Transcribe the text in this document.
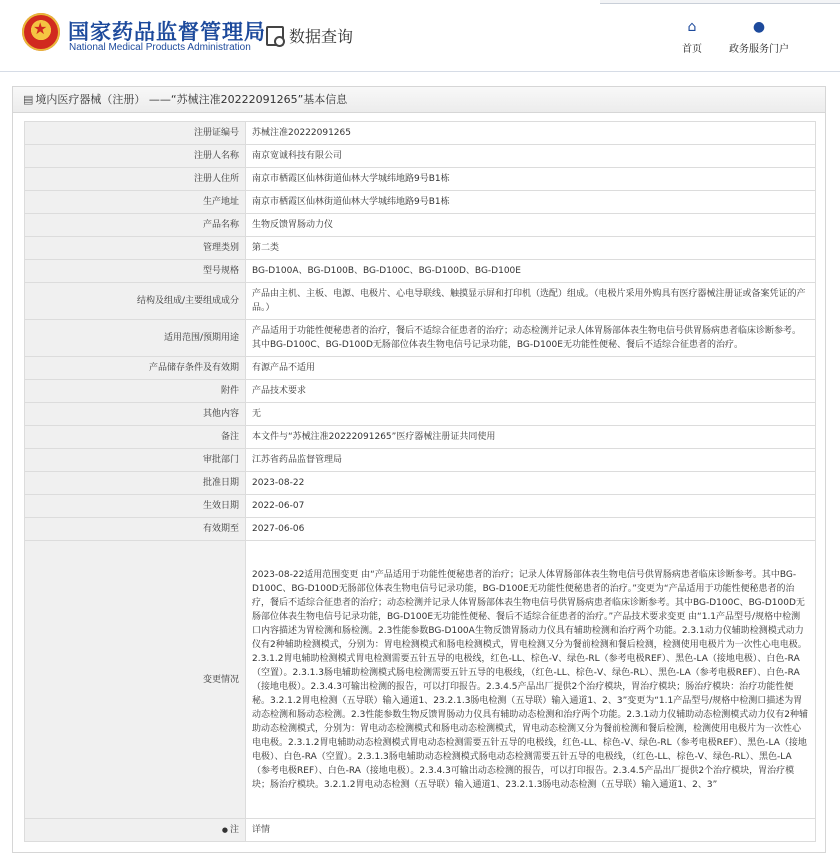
★
国家药品监督管理局
National Medical Products Administration
数据查询	⌂
首页
●
政务服务门户
▤ 境内医疗器械（注册） ——“苏械注准20222091265”基本信息
注册证编号	苏械注准20222091265
注册人名称	南京宽诚科技有限公司
注册人住所	南京市栖霞区仙林街道仙林大学城纬地路9号B1栋
生产地址	南京市栖霞区仙林街道仙林大学城纬地路9号B1栋
产品名称	生物反馈胃肠动力仪
管理类别	第二类
型号规格	BG-D100A、BG-D100B、BG-D100C、BG-D100D、BG-D100E
结构及组成/主要组成成分	产品由主机、主板、电源、电极片、心电导联线、触摸显示屏和打印机（选配）组成。（电极片采用外购具有医疗器械注册证或备案凭证的产品。）
适用范围/预期用途	产品适用于功能性便秘患者的治疗，餐后不适综合征患者的治疗；动态检测并记录人体胃肠部体表生物电信号供胃肠病患者临床诊断参考。其中BG-D100C、BG-D100D无肠部位体表生物电信号记录功能，BG-D100E无功能性便秘、餐后不适综合征患者的治疗。
产品储存条件及有效期	有源产品不适用
附件	产品技术要求
其他内容	无
备注	本文件与“苏械注准20222091265”医疗器械注册证共同使用
审批部门	江苏省药品监督管理局
批准日期	2023-08-22
生效日期	2022-06-07
有效期至	2027-06-06
变更情况	2023-08-22适用范围变更 由“产品适用于功能性便秘患者的治疗；记录人体胃肠部体表生物电信号供胃肠病患者临床诊断参考。其中BG-D100C、BG-D100D无肠部位体表生物电信号记录功能，BG-D100E无功能性便秘患者的治疗。”变更为“产品适用于功能性便秘患者的治疗，餐后不适综合征患者的治疗；动态检测并记录人体胃肠部体表生物电信号供胃肠病患者临床诊断参考。其中BG-D100C、BG-D100D无肠部位体表生物电信号记录功能，BG-D100E无功能性便秘、餐后不适综合征患者的治疗。”产品技术要求变更 由“1.1产品型号/规格中检测口内容描述为胃检测和肠检测。2.3性能参数BG-D100A生物反馈胃肠动力仪具有辅助检测和治疗两个功能。2.3.1动力仪辅助检测模式动力仪有2种辅助检测模式，分别为：胃电检测模式和肠电检测模式，胃电检测又分为餐前检测和餐后检测，检测使用电极片为一次性心电电极。2.3.1.2胃电辅助检测模式胃电检测需要五针五导的电极线，红色-LL、棕色-V、绿色-RL（参考电极REF）、黑色-LA（接地电极）、白色-RA（空置）。2.3.1.3肠电辅助检测模式肠电检测需要五针五导的电极线，（红色-LL、棕色-V、绿色-RL）、黑色-LA（参考电极REF）、白色-RA（接地电极）。2.3.4.3可输出检测的报告，可以打印报告。2.3.4.5产品出厂提供2个治疗模块，胃治疗模块；肠治疗模块：治疗功能性便秘。3.2.1.2胃电检测（五导联）输入通道1、23.2.1.3肠电检测（五导联）输入通道1、2、3”变更为“1.1产品型号/规格中检测口描述为胃动态检测和肠动态检测。2.3性能参数生物反馈胃肠动力仪具有辅助动态检测和治疗两个功能。2.3.1动力仪辅助动态检测模式动力仪有2种辅助动态检测模式，分别为：胃电动态检测模式和肠电动态检测模式，胃电动态检测又分为餐前检测和餐后检测，检测使用电极片为一次性心电电极。2.3.1.2胃电辅助动态检测模式胃电动态检测需要五针五导的电极线，红色-LL、棕色-V、绿色-RL（参考电极REF）、黑色-LA（接地电极）、白色-RA（空置）。2.3.1.3肠电辅助动态检测模式肠电动态检测需要五针五导的电极线，（红色-LL、棕色-V、绿色-RL）、黑色-LA（参考电极REF）、白色-RA（接地电极）。2.3.4.3可输出动态检测的报告，可以打印报告。2.3.4.5产品出厂提供2个治疗模块，胃治疗模块；肠治疗模块。3.2.1.2胃电动态检测（五导联）输入通道1、23.2.1.3肠电动态检测（五导联）输入通道1、2、3”
● 注	详情
